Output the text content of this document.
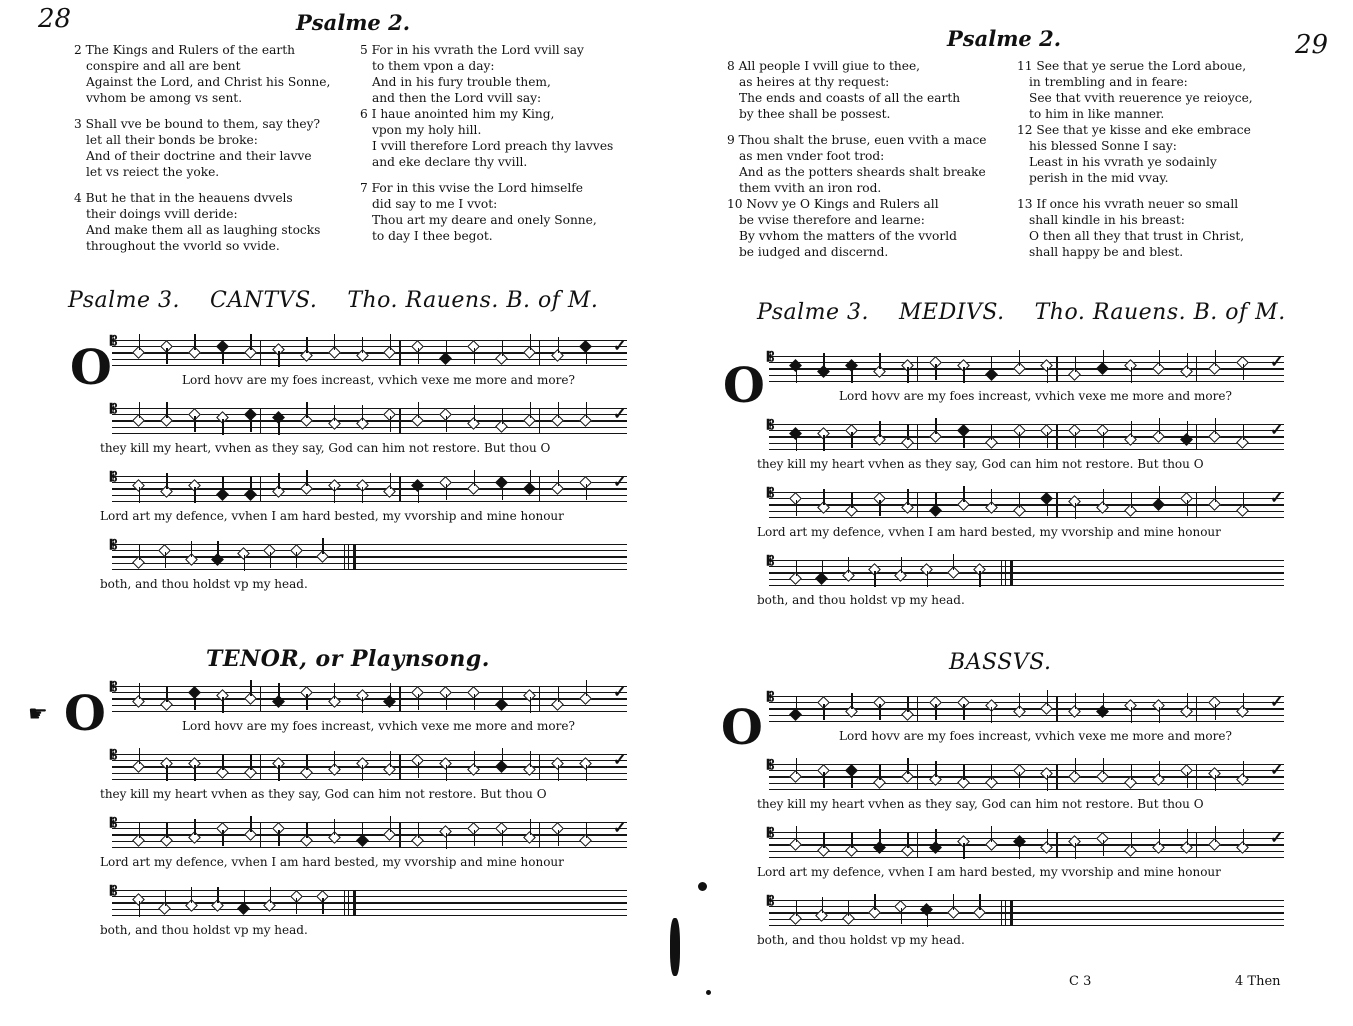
28	Psalme 2.
2 The Kings and Rulers of the earth
conspire and all are bent
Against the Lord, and Christ his Sonne,
vvhom be among vs sent.
3 Shall vve be bound to them, say they?
let all their bonds be broke:
And of their doctrine and their lavve
let vs reiect the yoke.
4 But he that in the heauens dvvels
their doings vvill deride:
And make them all as laughing stocks
throughout the vvorld so vvide.
5 For in his vvrath the Lord vvill say
to them vpon a day:
And in his fury trouble them,
and then the Lord vvill say:
6 I haue anointed him my King,
vpon my holy hill.
I vvill therefore Lord preach thy lavves
and eke declare thy vvill.
7 For in this vvise the Lord himselfe
did say to me I vvot:
Thou art my deare and onely Sonne,
to day I thee begot.
Psalme 3. CANTVS. Tho. Rauens. B. of M.
O
𝄡	✓
Lord hovv are my foes increast, vvhich vexe me more and more?
𝄡	✓
they kill my heart, vvhen as they say, God can him not restore. But thou O
𝄡	✓
Lord art my defence, vvhen I am hard bested, my vvorship and mine honour
𝄡
both, and thou holdst vp my head.
TENOR, or Playnsong.
☛ O 𝄡	✓
Lord hovv are my foes increast, vvhich vexe me more and more?
𝄡	✓
they kill my heart vvhen as they say, God can him not restore. But thou O
𝄡	✓
Lord art my defence, vvhen I am hard bested, my vvorship and mine honour
𝄡
both, and thou holdst vp my head.
Psalme 2.	29
8 All people I vvill giue to thee,
as heires at thy request:
The ends and coasts of all the earth
by thee shall be possest.
9 Thou shalt the bruse, euen vvith a mace
as men vnder foot trod:
And as the potters sheards shalt breake
them vvith an iron rod.
10 Novv ye O Kings and Rulers all
be vvise therefore and learne:
By vvhom the matters of the vvorld
be iudged and discernd.
11 See that ye serue the Lord aboue,
in trembling and in feare:
See that vvith reuerence ye reioyce,
to him in like manner.
12 See that ye kisse and eke embrace
his blessed Sonne I say:
Least in his vvrath ye sodainly
perish in the mid vvay.
13 If once his vvrath neuer so small
shall kindle in his breast:
O then all they that trust in Christ,
shall happy be and blest.
Psalme 3. MEDIVS. Tho. Rauens. B. of M.
O
𝄡	✓
Lord hovv are my foes increast, vvhich vexe me more and more?
𝄡	✓
they kill my heart vvhen as they say, God can him not restore. But thou O
𝄡	✓
Lord art my defence, vvhen I am hard bested, my vvorship and mine honour
𝄡
both, and thou holdst vp my head.
BASSVS.
O
𝄡	✓
Lord hovv are my foes increast, vvhich vexe me more and more?
𝄡	✓
they kill my heart vvhen as they say, God can him not restore. But thou O
𝄡	✓
Lord art my defence, vvhen I am hard bested, my vvorship and mine honour
𝄡
both, and thou holdst vp my head.
C 3	4 Then
